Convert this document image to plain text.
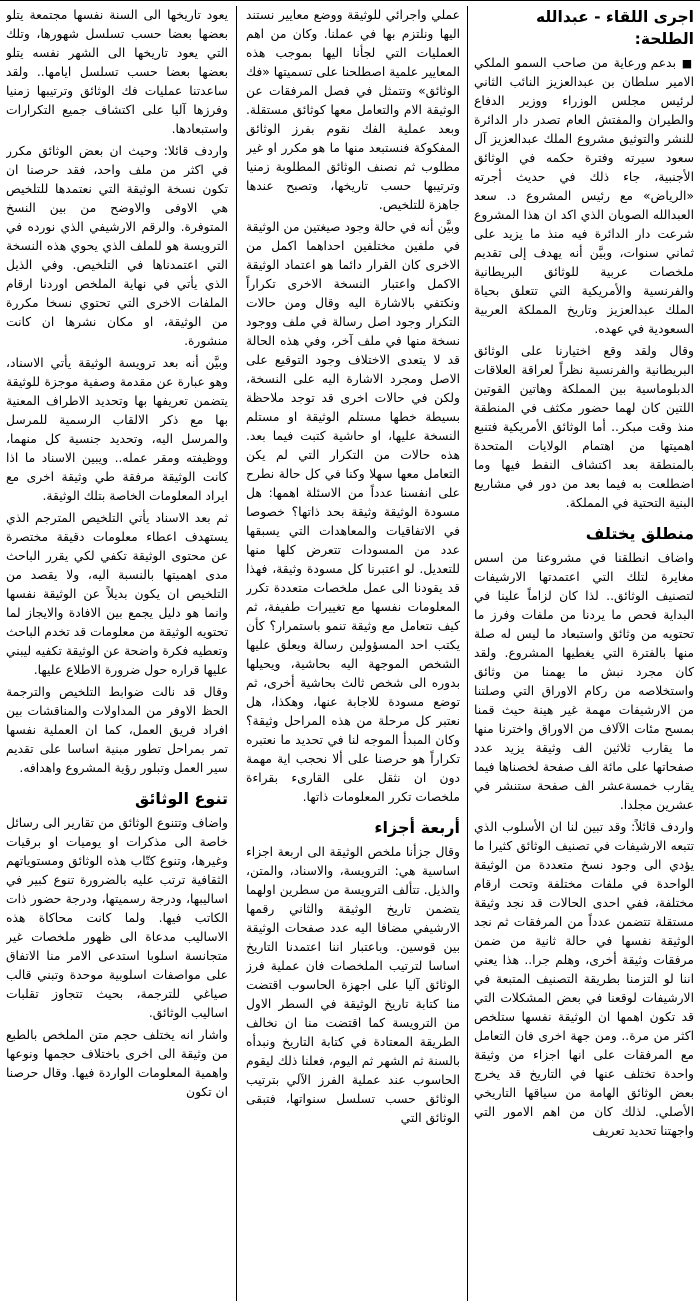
اجرى اللقاء - عبدالله الطلحة:

■ بدعم ورعاية من صاحب السمو الملكي الامير سلطان بن عبدالعزيز النائب الثاني لرئيس مجلس الوزراء ووزير الدفاع والطيران والمفتش العام تصدر دار الدائرة للنشر والتوثيق مشروع الملك عبدالعزيز آل سعود سيرته وفترة حكمه في الوثائق الأجنبية، جاء ذلك في حديث أجرته «الرياض» مع رئيس المشروع د. سعد العبدالله الصويان الذي اكد ان هذا المشروع شرعت دار الدائرة فيه منذ ما يزيد على ثماني سنوات، وبيَّن أنه يهدف إلى تقديم ملخصات عربية للوثائق البريطانية والفرنسية والأمريكية التي تتعلق بحياة الملك عبدالعزيز وتاريخ المملكة العربية السعودية في عهده.

وقال ولقد وقع اختيارنا على الوثائق البريطانية والفرنسية نظراً لعراقة العلاقات الدبلوماسية بين المملكة وهاتين القوتين اللتين كان لهما حضور مكثف في المنطقة منذ وقت مبكر.. أما الوثائق الأمريكية فتنبع اهميتها من اهتمام الولايات المتحدة بالمنطقة بعد اكتشاف النفط فيها وما اضطلعت به فيما بعد من دور في مشاريع البنية التحتية في المملكة.

منطلق يختلف

واضاف انطلقنا في مشروعنا من اسس مغايرة لتلك التي اعتمدتها الارشيفات لتصنيف الوثائق.. لذا كان لزاماً علينا في البداية فحص ما يردنا من ملفات وفرز ما تحتويه من وثائق واستبعاد ما ليس له صلة منها بالفترة التي يغطيها المشروع. ولقد كان مجرد نبش ما يهمنا من وثائق واستخلاصه من ركام الاوراق التي وصلتنا من الارشيفات مهمة غير هينة حيث قمنا بمسح مئات الآلاف من الاوراق واخترنا منها ما يقارب ثلاثين الف وثيقة يزيد عدد صفحاتها على مائة الف صفحة لخصناها فيما يقارب خمسةعشر الف صفحة ستنشر في عشرين مجلدا.

واردف قائلاً: وقد تبين لنا ان الأسلوب الذي تتبعه الارشيفات في تصنيف الوثائق كثيرا ما يؤدي الى وجود نسخ متعددة من الوثيقة الواحدة في ملفات مختلفة وتحت ارقام مختلفة، ففي احدى الحالات قد نجد وثيقة مستقلة تتضمن عدداً من المرفقات ثم نجد الوثيقة نفسها في حالة ثانية من ضمن مرفقات وثيقة أخرى، وهلم جرا.. هذا يعني اننا لو التزمنا بطريقة التصنيف المتبعة في الارشيفات لوقعنا في بعض المشكلات التي قد تكون اهمها ان الوثيقة نفسها ستلخص اكثر من مرة.. ومن جهة اخرى فان التعامل مع المرفقات على انها اجزاء من وثيقة واحدة تختلف عنها في التاريخ قد يخرج بعض الوثائق الهامة من سياقها التاريخي الأصلي. لذلك كان من اهم الامور التي واجهتنا تحديد تعريف

عملي واجرائي للوثيقة ووضع معايير نستند اليها ونلتزم بها في عملنا. وكان من اهم العمليات التي لجأنا اليها بموجب هذه المعايير علمية اصطلحنا على تسميتها «فك الوثائق» وتتمثل في فصل المرفقات عن الوثيقة الام والتعامل معها كوثائق مستقلة. وبعد عملية الفك نقوم بفرز الوثائق المفكوكة فنستبعد منها ما هو مكرر او غير مطلوب ثم نصنف الوثائق المطلوبة زمنيا وترتيبها حسب تاريخها، وتصبح عندها جاهزة للتلخيص.

وبيَّن أنه في حالة وجود صيغتين من الوثيقة في ملفين مختلفين احداهما اكمل من الاخرى كان القرار دائما هو اعتماد الوثيقة الاكمل واعتبار النسخة الاخرى تكراراً ونكتفي بالاشارة اليه وقال ومن حالات التكرار وجود اصل رسالة في ملف ووجود نسخة منها في ملف آخر، وفي هذه الحالة قد لا يتعدى الاختلاف وجود التوقيع على الاصل ومجرد الاشارة اليه على النسخة، ولكن في حالات اخرى قد توجد ملاحظة بسيطة خطها مستلم الوثيقة او مستلم النسخة عليها، او حاشية كتبت فيما بعد. هذه حالات من التكرار التي لم يكن التعامل معها سهلا وكنا في كل حالة نطرح على انفسنا عدداً من الاسئلة اهمها: هل مسودة الوثيقة وثيقة بحد ذاتها؟ خصوصا في الاتفاقيات والمعاهدات التي يسبقها عدد من المسودات تتعرض كلها منها للتعديل. لو اعتبرنا كل مسودة وثيقة، فهذا قد يقودنا الى عمل ملخصات متعددة تكرر المعلومات نفسها مع تغييرات طفيفة، ثم كيف نتعامل مع وثيقة تنمو باستمرار؟ كأن يكتب احد المسؤولين رسالة ويعلق عليها الشخص الموجهة اليه بحاشية، ويحيلها بدوره الى شخص ثالث بحاشية أخرى، ثم توضع مسودة للاجابة عنها، وهكذا، هل نعتبر كل مرحلة من هذه المراحل وثيقة؟ وكان المبدأ الموجه لنا في تحديد ما نعتبره تكراراً هو حرصنا على ألا نحجب اية مهمة دون ان نثقل على القارىء بقراءة ملخصات تكرر المعلومات ذاتها.

أربعة أجزاء

وقال جزأنا ملخص الوثيقة الى اربعة اجزاء اساسية هي: الترويسة، والاسناد، والمتن، والذيل. تتألف الترويسة من سطرين اولهما يتضمن تاريخ الوثيقة والثاني رقمها الارشيفي مضافا اليه عدد صفحات الوثيقة بين قوسين. وباعتبار اننا اعتمدنا التاريخ اساسا لترتيب الملخصات فان عملية فرز الوثائق آليا على اجهزة الحاسوب اقتضت منا كتابة تاريخ الوثيقة في السطر الاول من الترويسة كما اقتضت منا ان نخالف الطريقة المعتادة في كتابة التاريخ ونبدأه بالسنة ثم الشهر ثم اليوم، فعلنا ذلك ليقوم الحاسوب عند عملية الفرز الآلي بترتيب الوثائق حسب تسلسل سنواتها، فتبقى الوثائق التي

يعود تاريخها الى السنة نفسها مجتمعة يتلو بعضها بعضا حسب تسلسل شهورها، وتلك التي يعود تاريخها الى الشهر نفسه يتلو بعضها بعضا حسب تسلسل ايامها.. ولقد ساعدتنا عمليات فك الوثائق وترتيبها زمنيا وفرزها آليا على اكتشاف جميع التكرارات واستبعادها.

واردف قائلا: وحيث ان بعض الوثائق مكرر في اكثر من ملف واحد، فقد حرصنا ان تكون نسخة الوثيقة التي نعتمدها للتلخيص هي الاوفى والاوضح من بين النسخ المتوفرة. والرقم الارشيفي الذي نورده في الترويسة هو للملف الذي يحوي هذه النسخة التي اعتمدناها في التلخيص. وفي الذيل الذي يأتي في نهاية الملخص اوردنا ارقام الملفات الاخرى التي تحتوي نسخا مكررة من الوثيقة، او مكان نشرها ان كانت منشورة.

وبيَّن أنه بعد ترويسة الوثيقة يأتي الاسناد، وهو عبارة عن مقدمة وصفية موجزة للوثيقة يتضمن تعريفها بها وتحديد الاطراف المعنية بها مع ذكر الالقاب الرسمية للمرسل والمرسل اليه، وتحديد جنسية كل منهما، ووظيفته ومقر عمله.. ويبين الاسناد ما اذا كانت الوثيقة مرفقة طي وثيقة اخرى مع ايراد المعلومات الخاصة بتلك الوثيقة.

ثم بعد الاسناد يأتي التلخيص المترجم الذي يستهدف اعطاء معلومات دقيقة مختصرة عن محتوى الوثيقة تكفي لكي يقرر الباحث مدى اهميتها بالنسبة اليه، ولا يقصد من التلخيص ان يكون بديلاً عن الوثيقة نفسها وانما هو دليل يجمع بين الافادة والايجاز لما تحتويه الوثيقة من معلومات قد تخدم الباحث وتعطيه فكرة واضحة عن الوثيقة تكفيه ليبني عليها قراره حول ضرورة الاطلاع عليها.

وقال قد نالت ضوابط التلخيص والترجمة الحظ الاوفر من المداولات والمناقشات بين افراد فريق العمل، كما ان العملية نفسها تمر بمراحل تطور مبنية اساسا على تقديم سير العمل وتبلور رؤية المشروع واهدافه.

تنوع الوثائق

واضاف وتتنوع الوثائق من تقارير الى رسائل خاصة الى مذكرات او يوميات او برقيات وغيرها، وتنوع كتّاب هذه الوثائق ومستوياتهم الثقافية ترتب عليه بالضرورة تنوع كبير في اساليبها، ودرجة رسميتها، ودرجة حضور ذات الكاتب فيها. ولما كانت محاكاة هذه الاساليب مدعاة الى ظهور ملخصات غير متجانسة اسلوبا استدعى الامر منا الاتفاق على مواصفات اسلوبية موحدة وتبني قالب صياغي للترجمة، بحيث تتجاوز تقلبات اساليب الوثائق.

واشار انه يختلف حجم متن الملخص بالطبع من وثيقة الى اخرى باختلاف حجمها ونوعها واهمية المعلومات الواردة فيها. وقال حرصنا ان تكون
